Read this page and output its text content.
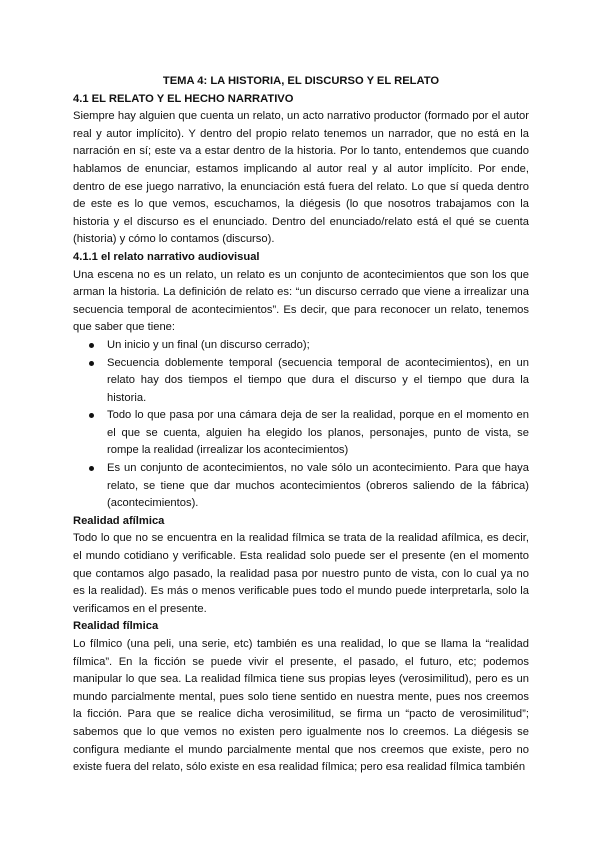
TEMA 4: LA HISTORIA, EL DISCURSO Y EL RELATO

4.1 EL RELATO Y EL HECHO NARRATIVO

Siempre hay alguien que cuenta un relato, un acto narrativo productor (formado por el autor real y autor implícito). Y dentro del propio relato tenemos un narrador, que no está en la narración en sí; este va a estar dentro de la historia. Por lo tanto, entendemos que cuando hablamos de enunciar, estamos implicando al autor real y al autor implícito. Por ende, dentro de ese juego narrativo, la enunciación está fuera del relato. Lo que sí queda dentro de este es lo que vemos, escuchamos, la diégesis (lo que nosotros trabajamos con la historia y el discurso es el enunciado. Dentro del enunciado/relato está el qué se cuenta (historia) y cómo lo contamos (discurso).

4.1.1 el relato narrativo audiovisual

Una escena no es un relato, un relato es un conjunto de acontecimientos que son los que arman la historia. La definición de relato es: “un discurso cerrado que viene a irrealizar una secuencia temporal de acontecimientos”. Es decir, que para reconocer un relato, tenemos que saber que tiene:

Un inicio y un final (un discurso cerrado);
Secuencia doblemente temporal (secuencia temporal de acontecimientos), en un relato hay dos tiempos el tiempo que dura el discurso y el tiempo que dura la historia.
Todo lo que pasa por una cámara deja de ser la realidad, porque en el momento en el que se cuenta, alguien ha elegido los planos, personajes, punto de vista, se rompe la realidad (irrealizar los acontecimientos)
Es un conjunto de acontecimientos, no vale sólo un acontecimiento. Para que haya relato, se tiene que dar muchos acontecimientos (obreros saliendo de la fábrica) (acontecimientos).

Realidad afílmica

Todo lo que no se encuentra en la realidad fílmica se trata de la realidad afílmica, es decir, el mundo cotidiano y verificable. Esta realidad solo puede ser el presente (en el momento que contamos algo pasado, la realidad pasa por nuestro punto de vista, con lo cual ya no es la realidad). Es más o menos verificable pues todo el mundo puede interpretarla, solo la verificamos en el presente.

Realidad fílmica

Lo fílmico (una peli, una serie, etc) también es una realidad, lo que se llama la “realidad fílmica”. En la ficción se puede vivir el presente, el pasado, el futuro, etc; podemos manipular lo que sea. La realidad fílmica tiene sus propias leyes (verosimilitud), pero es un mundo parcialmente mental, pues solo tiene sentido en nuestra mente, pues nos creemos la ficción. Para que se realice dicha verosimilitud, se firma un “pacto de verosimilitud”; sabemos que lo que vemos no existen pero igualmente nos lo creemos. La diégesis se configura mediante el mundo parcialmente mental que nos creemos que existe, pero no existe fuera del relato, sólo existe en esa realidad fílmica; pero esa realidad fílmica también
